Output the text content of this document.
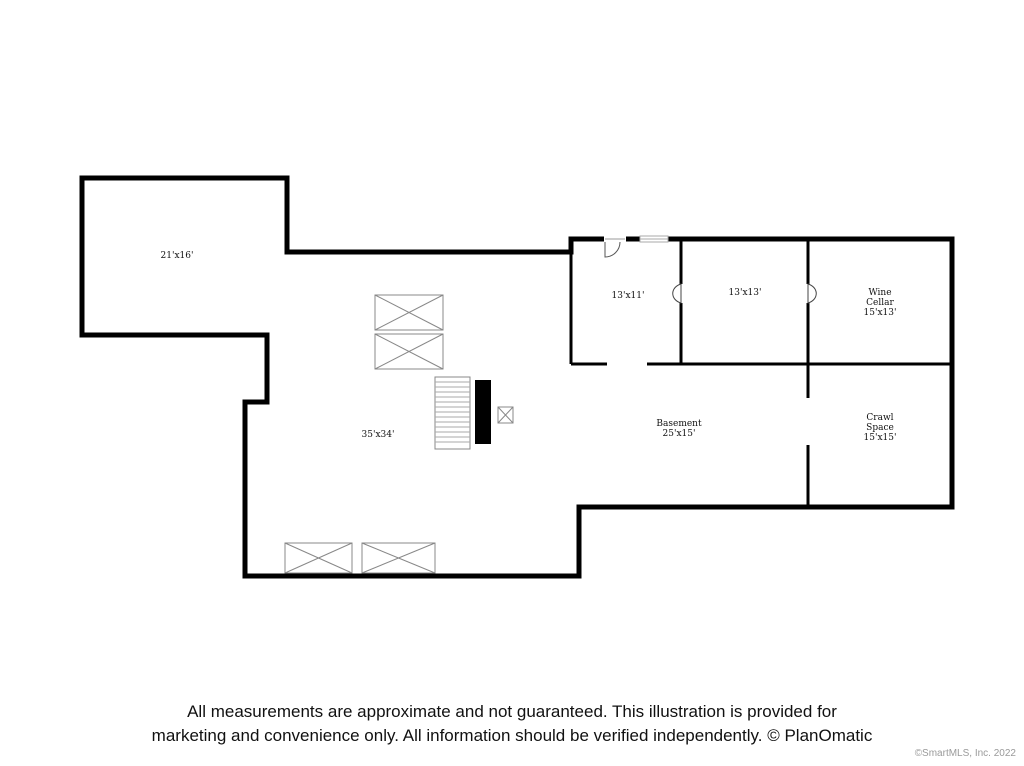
21'x16'
35'x34'
13'x11'	13'x13'	Wine
Cellar
15'x13'
Basement
25'x15'
Crawl
Space
15'x15'
All measurements are approximate and not guaranteed. This illustration is provided for
marketing and convenience only. All information should be verified independently. © PlanOmatic
©SmartMLS, Inc. 2022
